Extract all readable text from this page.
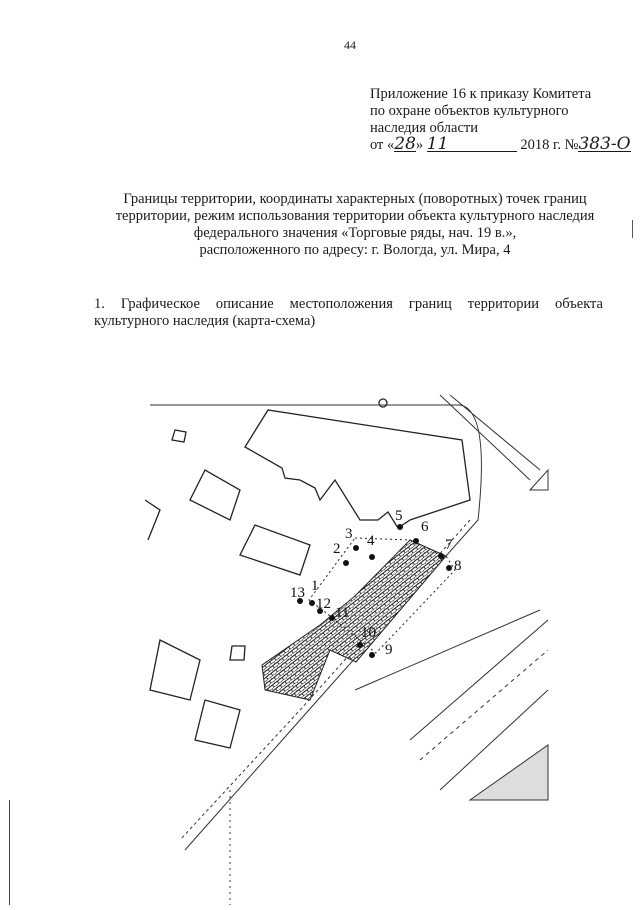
44
Приложение 16 к приказу Комитета
по охране объектов культурного
наследия области
от «28» 11	2018 г. №383-О
Границы территории, координаты характерных (поворотных) точек границ
территории, режим использования территории объекта культурного наследия
федерального значения «Торговые ряды, нач. 19 в.»,
расположенного по адресу: г. Вологда, ул. Мира, 4
1. Графическое описание местоположения границ территории объекта
культурного наследия (карта-схема)
1
2
3 4
5
6
7
8
9
10
11
12
13
